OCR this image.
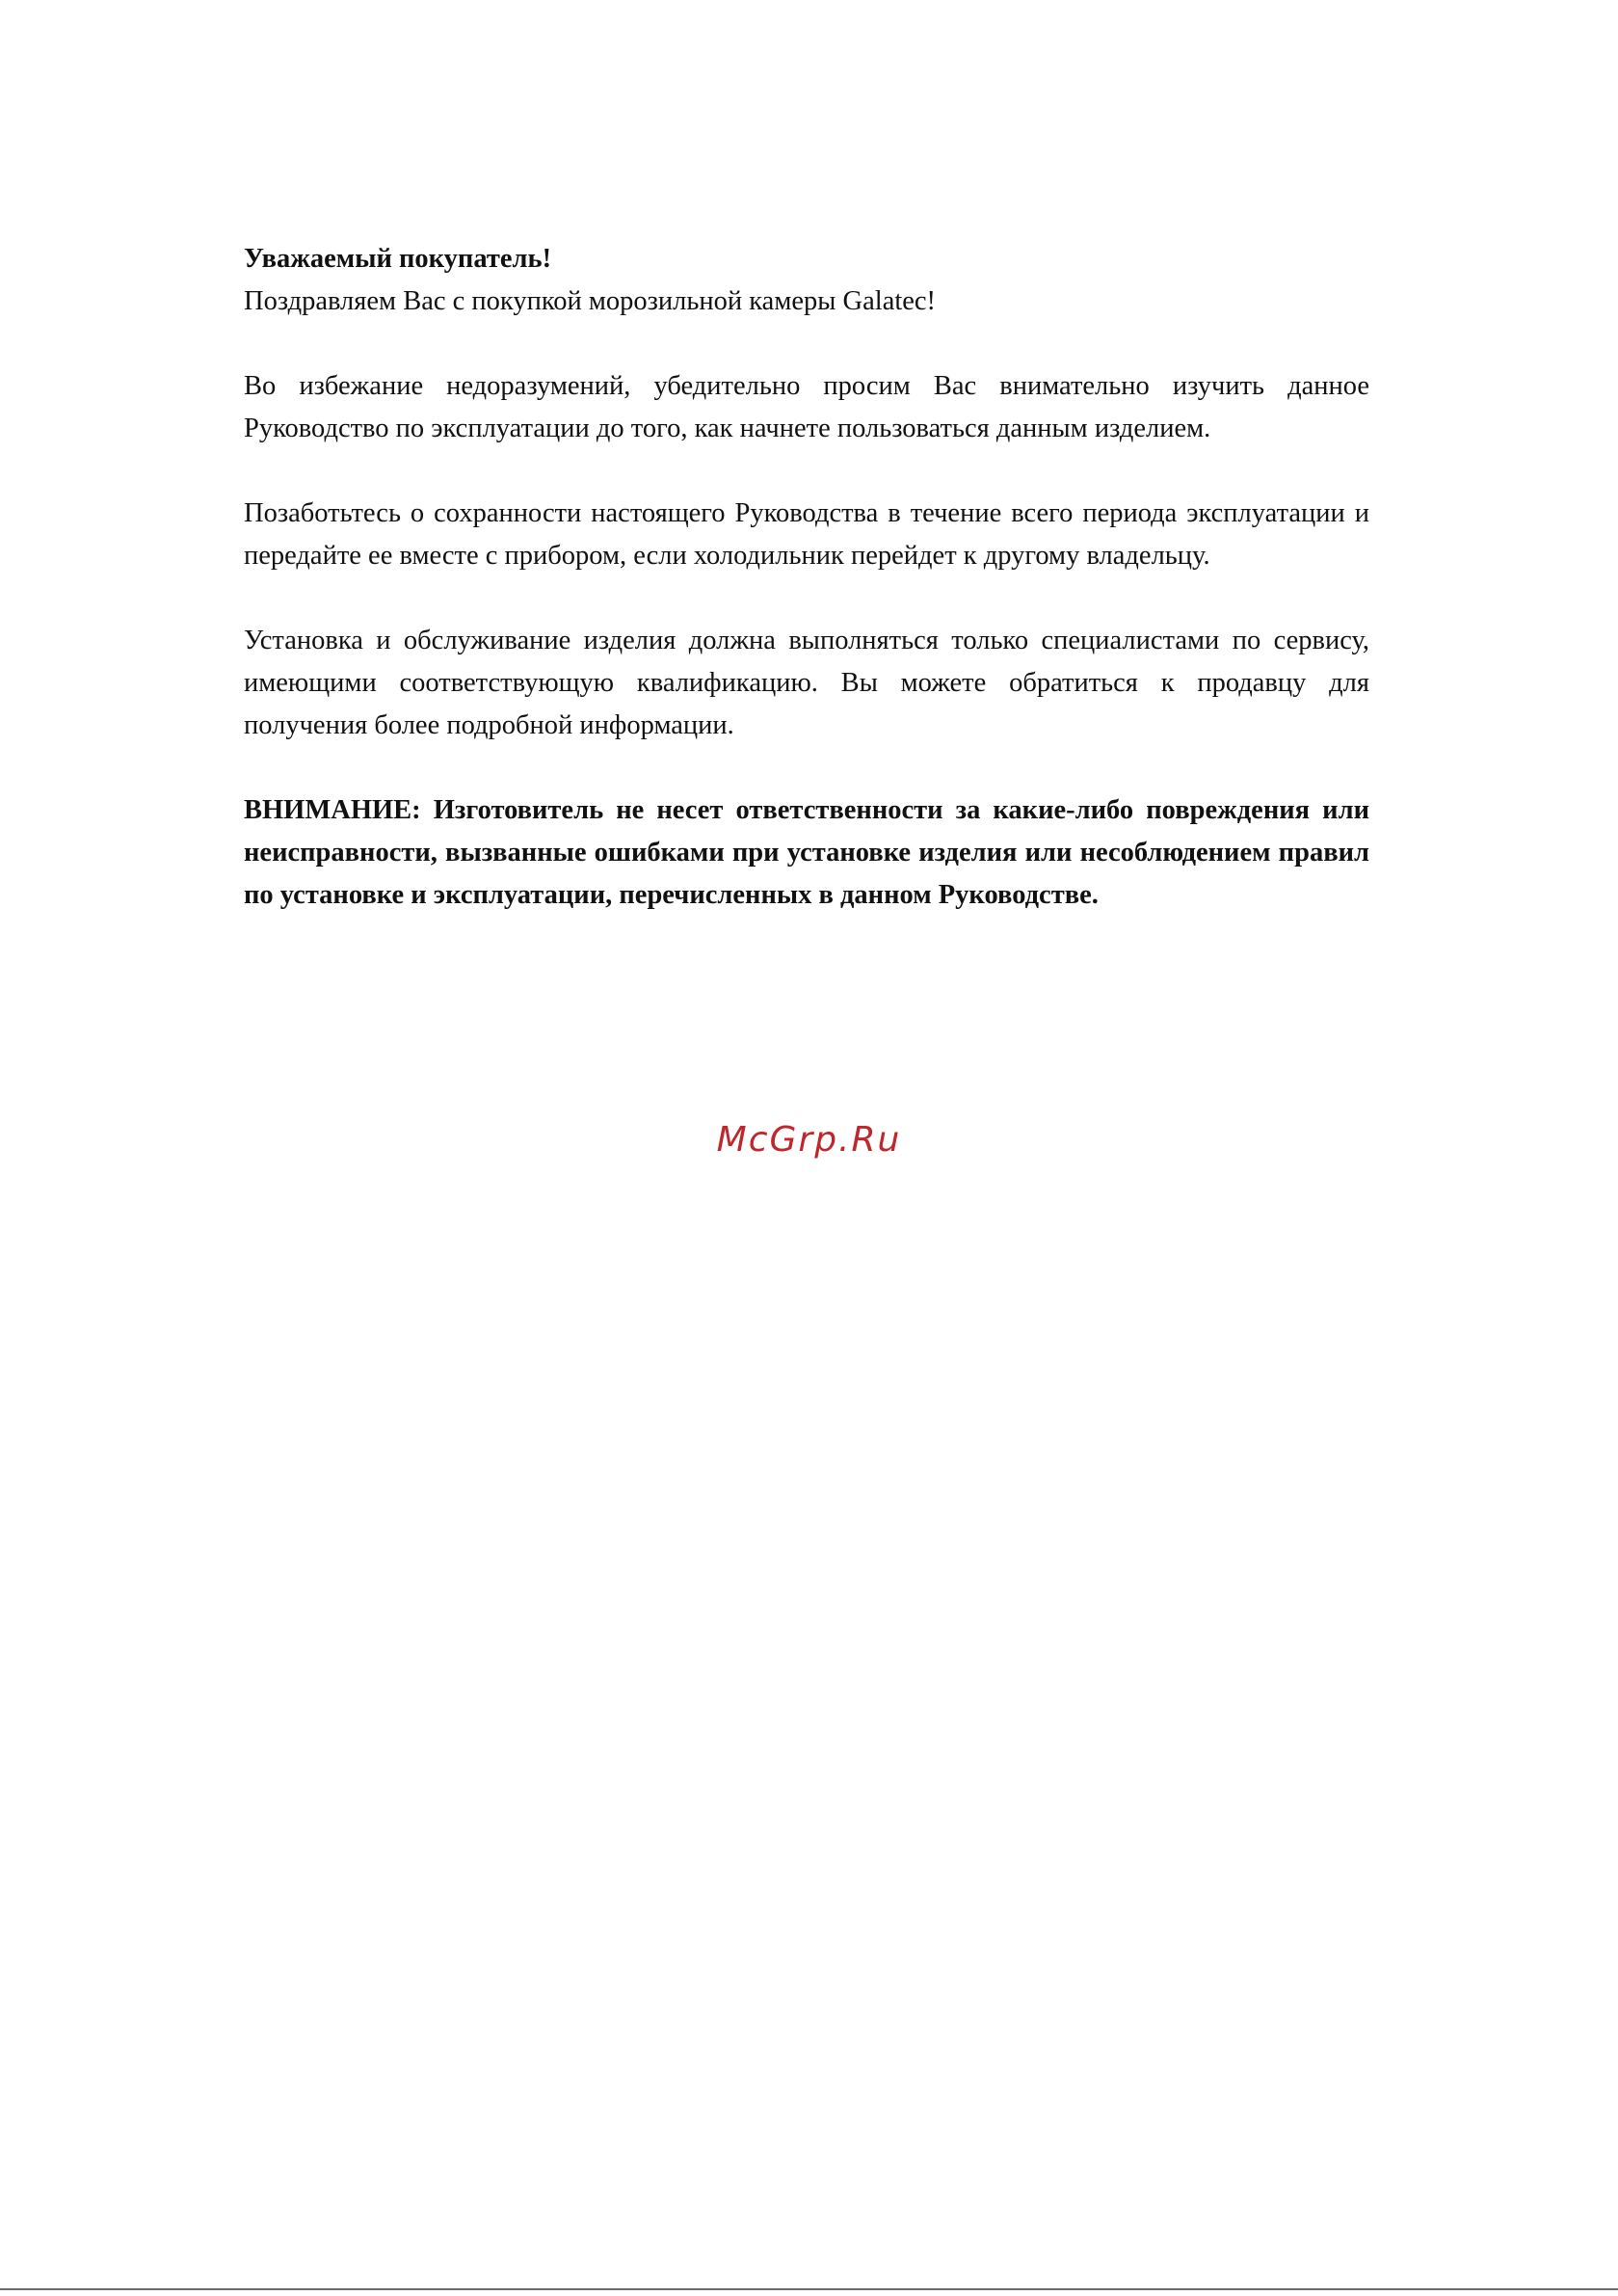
Уважаемый покупатель!

Поздравляем Вас с покупкой морозильной камеры Galatec!

Во избежание недоразумений, убедительно просим Вас внимательно изучить данное Руководство по эксплуатации до того, как начнете пользоваться данным изделием.

Позаботьтесь о сохранности настоящего Руководства в течение всего периода эксплуатации и передайте ее вместе с прибором, если холодильник перейдет к другому владельцу.

Установка и обслуживание изделия должна выполняться только специалистами по сервису, имеющими соответствующую квалификацию. Вы можете обратиться к продавцу для получения более подробной информации.

ВНИМАНИЕ: Изготовитель не несет ответственности за какие-либо повреждения или неисправности, вызванные ошибками при установке изделия или несоблюдением правил по установке и эксплуатации, перечисленных в данном Руководстве.

McGrp.Ru
